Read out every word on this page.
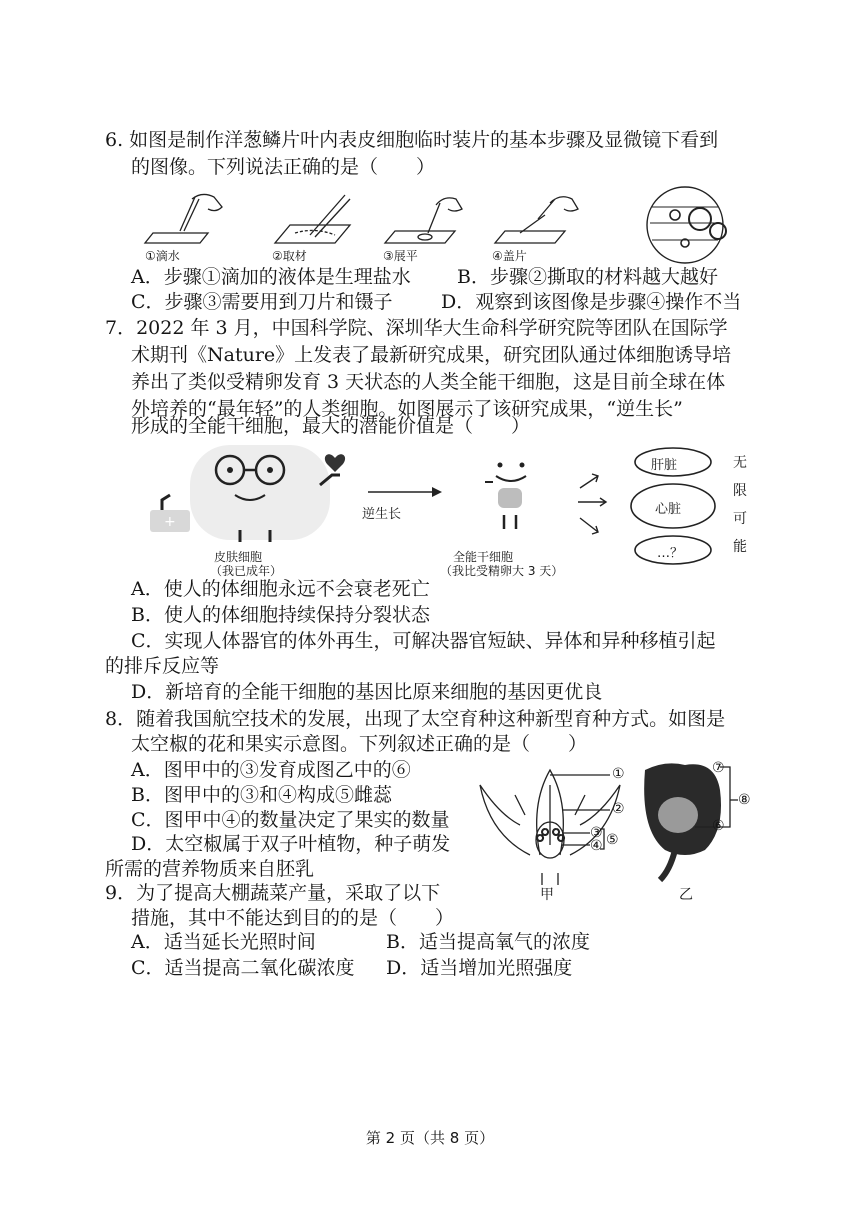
6. 如图是制作洋葱鳞片叶内表皮细胞临时装片的基本步骤及显微镜下看到
的图像。下列说法正确的是（　　）
①滴水	②取材	③展平	④盖片
A．步骤①滴加的液体是生理盐水 B．步骤②撕取的材料越大越好
C．步骤③需要用到刀片和镊子	D．观察到该图像是步骤④操作不当
7．2022 年 3 月，中国科学院、深圳华大生命科学研究院等团队在国际学
术期刊《Nature》上发表了最新研究成果，研究团队通过体细胞诱导培
养出了类似受精卵发育 3 天状态的人类全能干细胞，这是目前全球在体
外培养的“最年轻”的人类细胞。如图展示了该研究成果，“逆生长”
形成的全能干细胞，最大的潜能价值是（　　）
+	逆生长
肝脏
心脏
…？
无
限
可
能
皮肤细胞
（我已成年）
全能干细胞
（我比受精卵大 3 天）
A．使人的体细胞永远不会衰老死亡
B．使人的体细胞持续保持分裂状态
C．实现人体器官的体外再生，可解决器官短缺、异体和异种移植引起
的排斥反应等
D．新培育的全能干细胞的基因比原来细胞的基因更优良
8．随着我国航空技术的发展，出现了太空育种这种新型育种方式。如图是
太空椒的花和果实示意图。下列叙述正确的是（　　）
A．图甲中的③发育成图乙中的⑥
B．图甲中的③和④构成⑤雌蕊
C．图甲中④的数量决定了果实的数量
D．太空椒属于双子叶植物，种子萌发
所需的营养物质来自胚乳
①
②
③
④ ⑤
⑦
⑧
⑥
甲	乙
9．为了提高大棚蔬菜产量，采取了以下
措施，其中不能达到目的的是（　　）
A．适当延长光照时间	B．适当提高氧气的浓度
C．适当提高二氧化碳浓度 D．适当增加光照强度
第 2 页（共 8 页）
